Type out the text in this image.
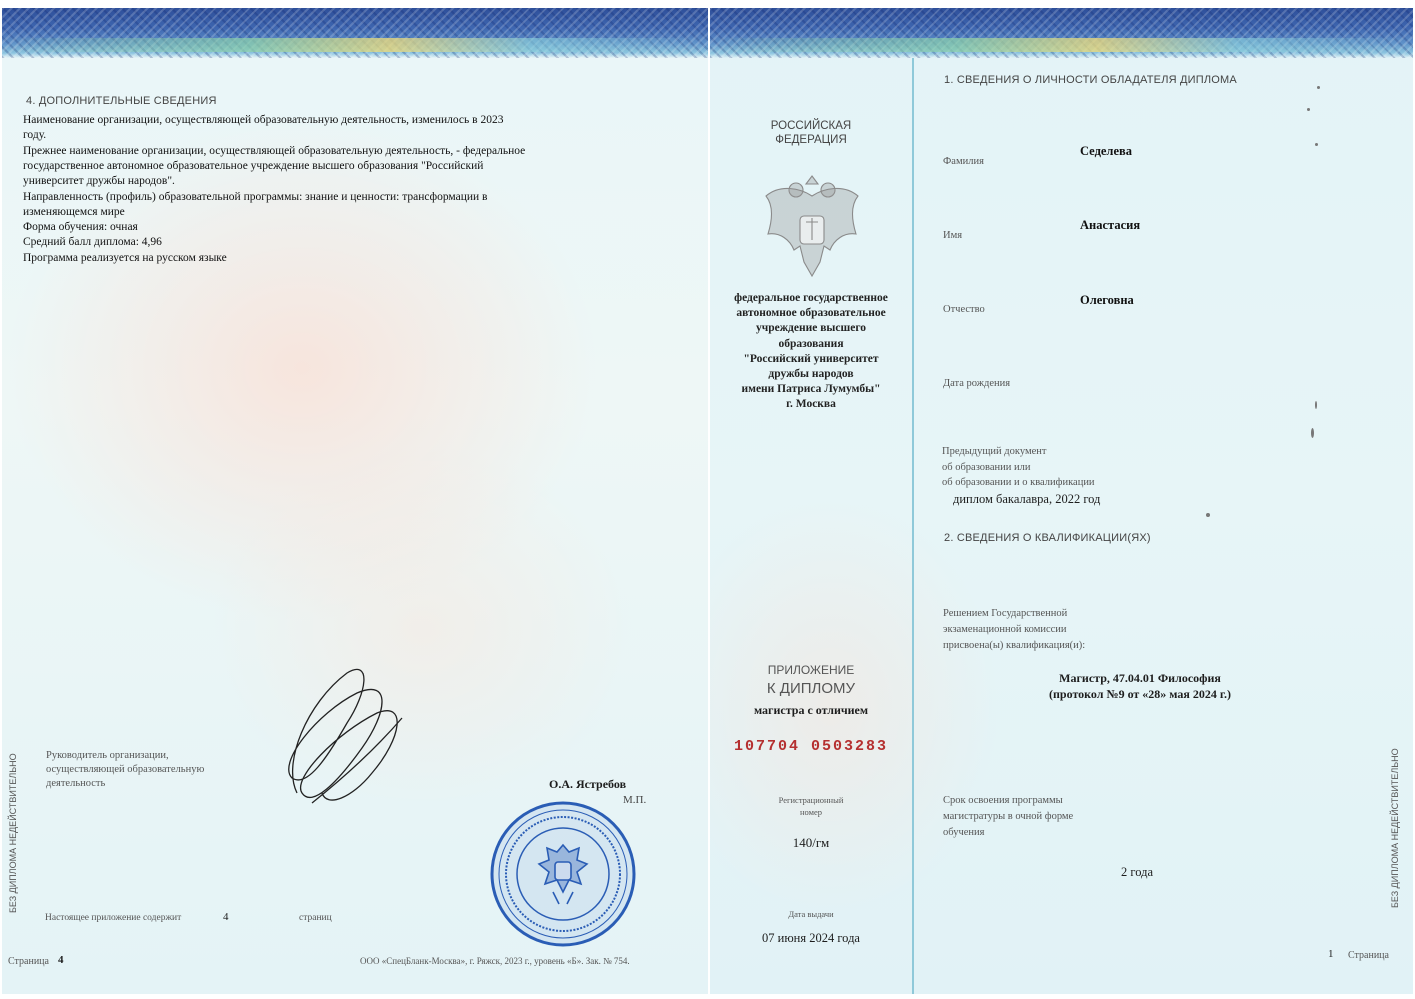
4. ДОПОЛНИТЕЛЬНЫЕ СВЕДЕНИЯ
Наименование организации, осуществляющей образовательную деятельность, изменилось в 2023
году.
Прежнее наименование организации, осуществляющей образовательную деятельность, - федеральное
государственное автономное образовательное учреждение высшего образования "Российский
университет дружбы народов".
Направленность (профиль) образовательной программы: знание и ценности: трансформации в
изменяющемся мире
Форма обучения: очная
Средний балл диплома: 4,96
Программа реализуется на русском языке
Руководитель организации,
осуществляющей образовательную
деятельность	О.А. Ястребов
М.П.
Настоящее приложение содержит	4	страниц
Страница 4	ООО «СпецБланк-Москва», г. Ряжск, 2023 г., уровень «Б». Зак. № 754.
БЕЗ ДИПЛОМА НЕДЕЙСТВИТЕЛЬНО
РОССИЙСКАЯ
ФЕДЕРАЦИЯ
федеральное государственное
автономное образовательное
учреждение высшего
образования
"Российский университет
дружбы народов
имени Патриса Лумумбы"
г. Москва
ПРИЛОЖЕНИЕ
К ДИПЛОМУ
магистра с отличием
107704 0503283
Регистрационный
номер
140/гм
Дата выдачи
07 июня 2024 года
1. СВЕДЕНИЯ О ЛИЧНОСТИ ОБЛАДАТЕЛЯ ДИПЛОМА
Фамилия
Седелева
Имя
Анастасия
Отчество
Олеговна
Дата рождения
Предыдущий документ
об образовании или
об образовании и о квалификации
диплом бакалавра, 2022 год
2. СВЕДЕНИЯ О КВАЛИФИКАЦИИ(ЯХ)
Решением Государственной
экзаменационной комиссии
присвоена(ы) квалификация(и):
Магистр, 47.04.01 Философия
(протокол №9 от «28» мая 2024 г.)
Срок освоения программы
магистратуры в очной форме
обучения
2 года
1 Страница
БЕЗ ДИПЛОМА НЕДЕЙСТВИТЕЛЬНО
